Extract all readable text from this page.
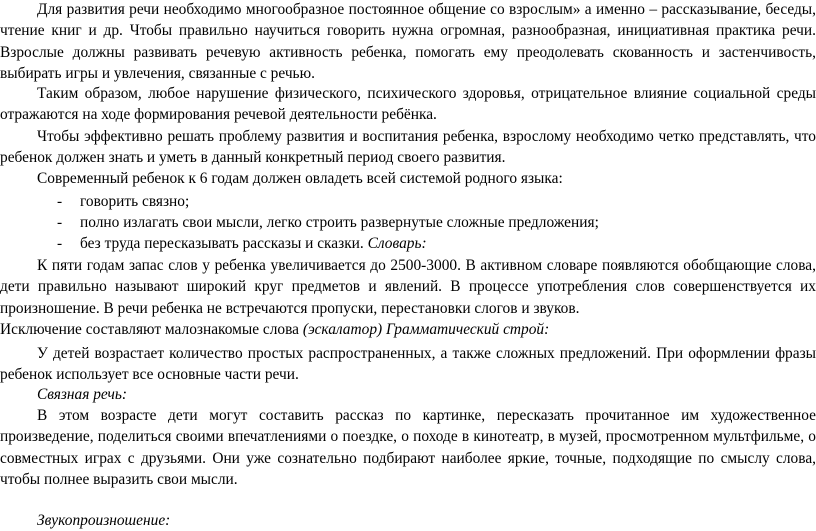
Для развития речи необходимо многообразное постоянное общение со взрослым» а именно – рассказывание, беседы, чтение книг и др. Чтобы правильно научиться говорить нужна огромная, разнообразная, инициативная практика речи. Взрослые должны развивать речевую активность ребенка, помогать ему преодолевать скованность и застенчивость, выбирать игры и увлечения, связанные с речью.

Таким образом, любое нарушение физического, психического здоровья, отрицательное влияние социальной среды отражаются на ходе формирования речевой деятельности ребёнка.

Чтобы эффективно решать проблему развития и воспитания ребенка, взрослому необходимо четко представлять, что ребенок должен знать и уметь в данный конкретный период своего развития.

Современный ребенок к 6 годам должен овладеть всей системой родного языка:

- говорить связно;
- полно излагать свои мысли, легко строить развернутые сложные предложения;
- без труда пересказывать рассказы и сказки. Словарь:

К пяти годам запас слов у ребенка увеличивается до 2500-3000. В активном словаре появляются обобщающие слова, дети правильно называют широкий круг предметов и явлений. В процессе употребления слов совершенствуется их произношение. В речи ребенка не встречаются пропуски, перестановки слогов и звуков.

Исключение составляют малознакомые слова (эскалатор) Грамматический строй:

У детей возрастает количество простых распространенных, а также сложных предложений. При оформлении фразы ребенок использует все основные части речи.

Связная речь:

В этом возрасте дети могут составить рассказ по картинке, пересказать прочитанное им художественное произведение, поделиться своими впечатлениями о поездке, о походе в кинотеатр, в музей, просмотренном мультфильме, о совместных играх с друзьями. Они уже сознательно подбирают наиболее яркие, точные, подходящие по смыслу слова, чтобы полнее выразить свои мысли.

Звукопроизношение:
